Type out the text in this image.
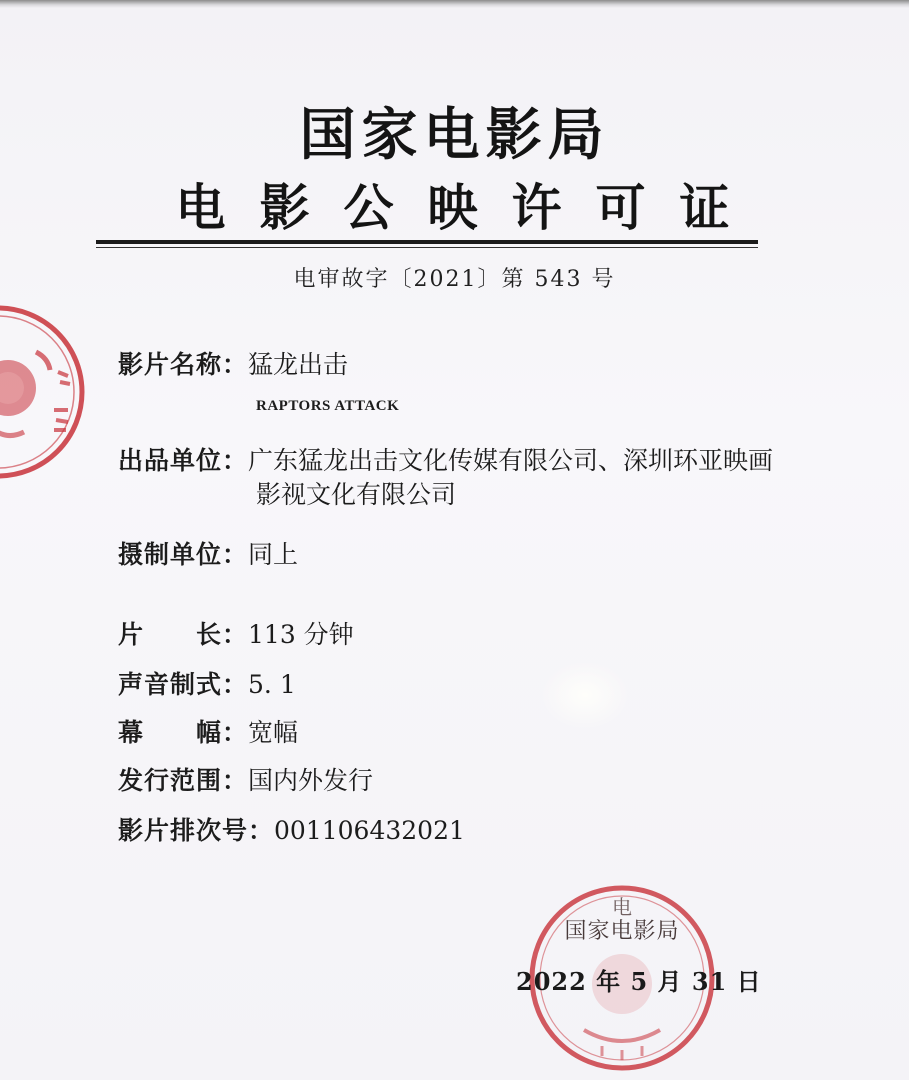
国家电影局
电影公映许可证
电审故字〔2021〕第 543 号
影片名称：猛龙出击
RAPTORS ATTACK
出品单位：广东猛龙出击文化传媒有限公司、深圳环亚映画
影视文化有限公司
摄制单位：同上
片　　长：113 分钟
声音制式：5. 1
幕　　幅：宽幅
发行范围：国内外发行
影片排次号：001106432021
国家电影局
电
2022 年 5 月 31 日
